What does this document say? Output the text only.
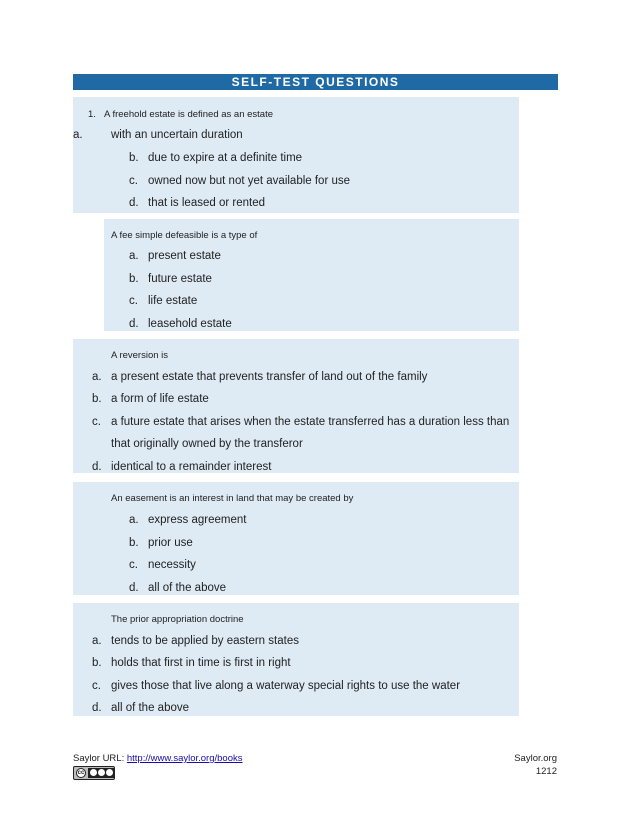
SELF-TEST QUESTIONS
1. A freehold estate is defined as an estate
a. with an uncertain duration
b. due to expire at a definite time
c. owned now but not yet available for use
d. that is leased or rented
A fee simple defeasible is a type of
a. present estate
b. future estate
c. life estate
d. leasehold estate
A reversion is
a. a present estate that prevents transfer of land out of the family
b. a form of life estate
c. a future estate that arises when the estate transferred has a duration less than
that originally owned by the transferor
d. identical to a remainder interest
An easement is an interest in land that may be created by
a. express agreement
b. prior use
c. necessity
d. all of the above
The prior appropriation doctrine
a. tends to be applied by eastern states
b. holds that first in time is first in right
c. gives those that live along a waterway special rights to use the water
d. all of the above
Saylor URL: http://www.saylor.org/books	Saylor.org
1212
cc
